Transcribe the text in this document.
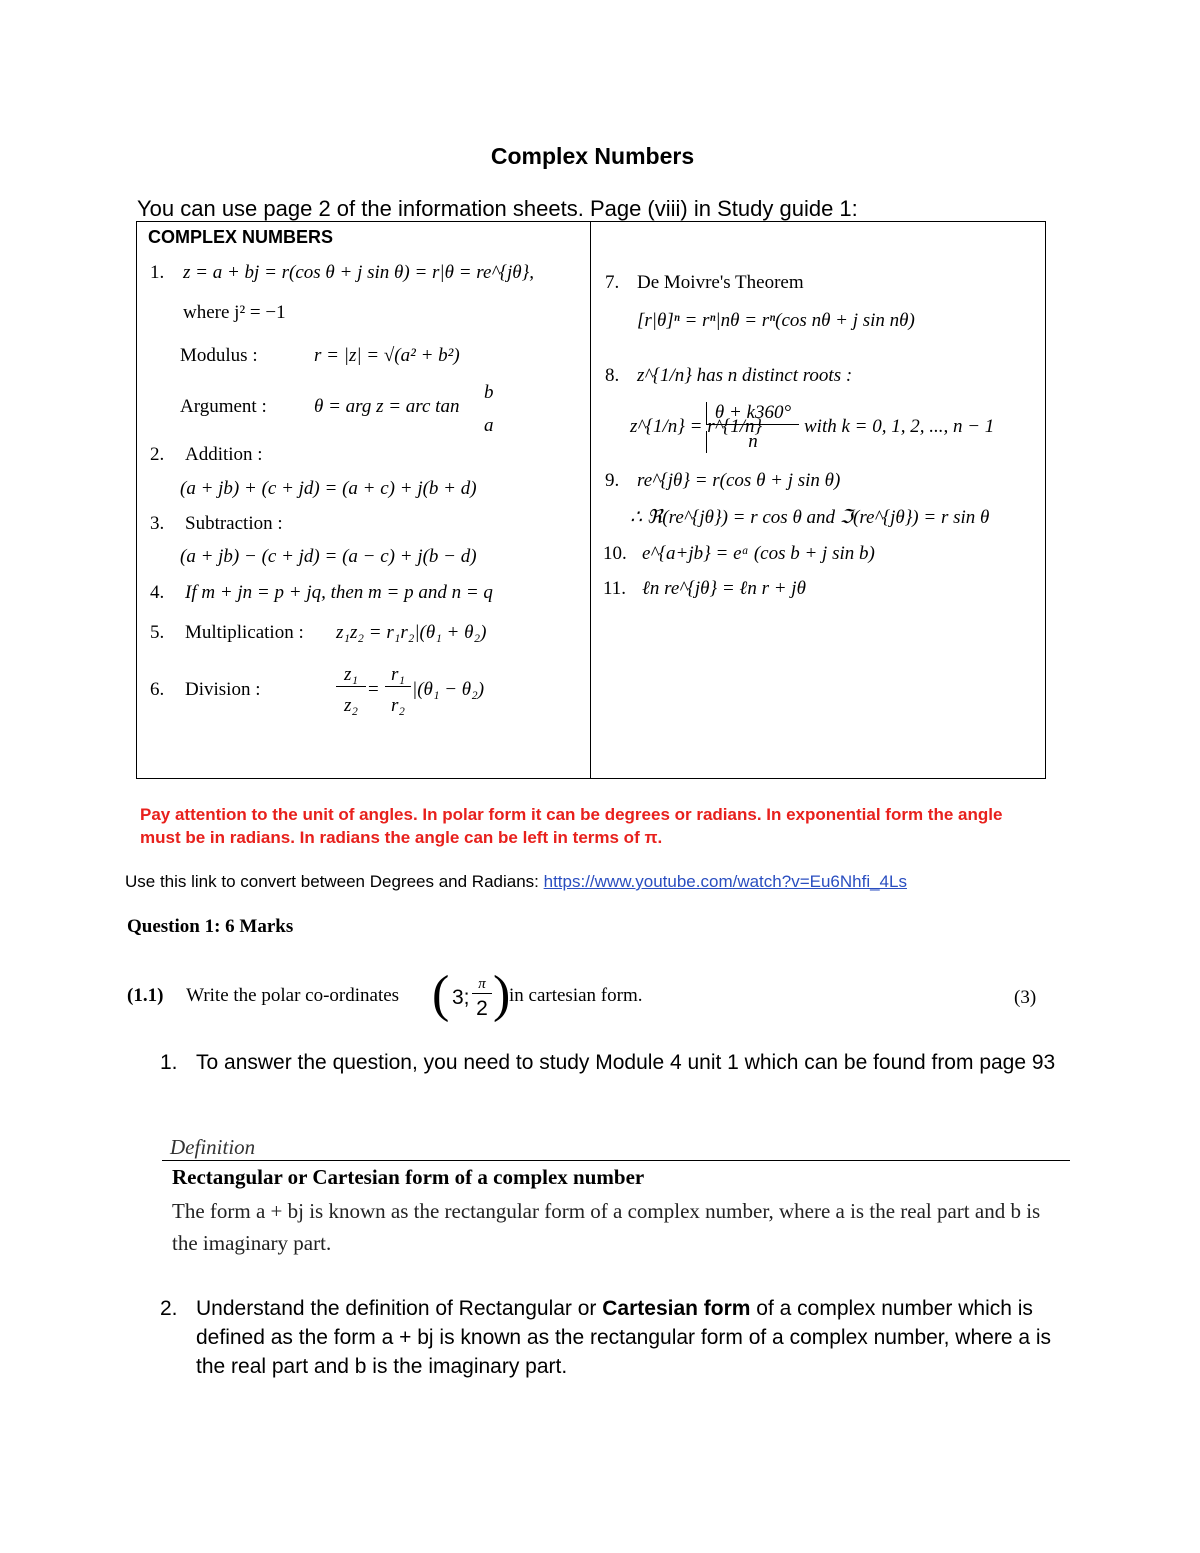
Complex Numbers
You can use page 2 of the information sheets. Page (viii) in Study guide 1:
COMPLEX NUMBERS
1. z = a + bj = r(cos θ + j sin θ) = r|θ = re^{jθ},
where j² = −1
Modulus :	r = |z| = √(a² + b²)
Argument : θ = arg z = arc tan
b
a
2. Addition :
(a + jb) + (c + jd) = (a + c) + j(b + d)
3. Subtraction :
(a + jb) − (c + jd) = (a − c) + j(b − d)
4. If m + jn = p + jq, then m = p and n = q
5. Multiplication : z₁z₂ = r₁r₂|(θ₁ + θ₂)
6. Division :
z₁
z₂
=
r₁
r₂
|(θ₁ − θ₂)
7. De Moivre's Theorem
[r|θ]ⁿ = rⁿ|nθ = rⁿ(cos nθ + j sin nθ)
8. z^{1/n} has n distinct roots :
z^{1/n} = r^{1/n}
θ + k360°
n
with k = 0, 1, 2, ..., n − 1
9. re^{jθ} = r(cos θ + j sin θ)
∴ ℜ(re^{jθ}) = r cos θ and ℑ(re^{jθ}) = r sin θ
10. e^{a+jb} = eᵃ (cos b + j sin b)
11. ℓn re^{jθ} = ℓn r + jθ
Pay attention to the unit of angles. In polar form it can be degrees or radians. In exponential form the angle must be in radians. In radians the angle can be left in terms of π.
Use this link to convert between Degrees and Radians: https://www.youtube.com/watch?v=Eu6Nhfi_4Ls
Question 1: 6 Marks
(1.1) Write the polar co-ordinates ( 3;
π
2 )
in cartesian form.	(3)
1. To answer the question, you need to study Module 4 unit 1 which can be found from page 93
Definition
Rectangular or Cartesian form of a complex number
The form a + bj is known as the rectangular form of a complex number, where a is the real part and b is the imaginary part.
2. Understand the definition of Rectangular or Cartesian form of a complex number which is defined as the form a + bj is known as the rectangular form of a complex number, where a is the real part and b is the imaginary part.
